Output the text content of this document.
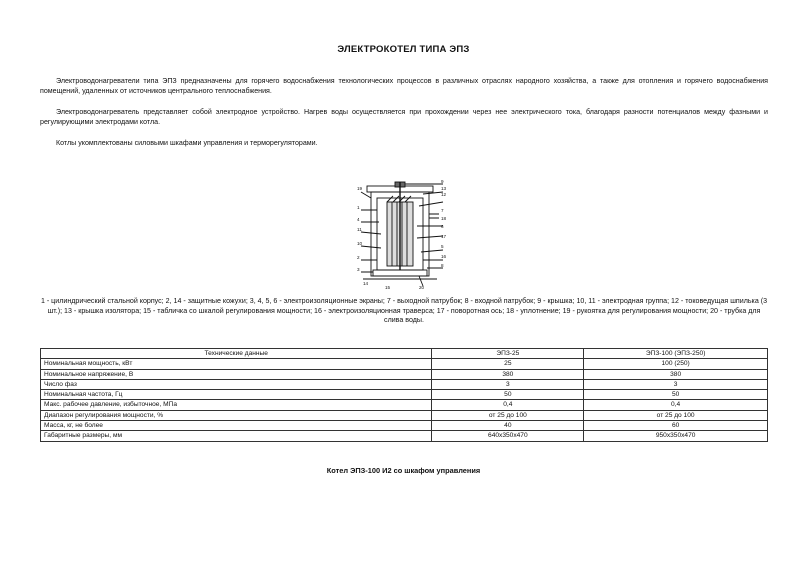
ЭЛЕКТРОКОТЕЛ ТИПА ЭПЗ

Электроводонагреватели типа ЭПЗ предназначены для горячего водоснабжения технологических процессов в различных отраслях народного хозяйства, а также для отопления и горячего водоснабжения помещений, удаленных от источников центрального теплоснабжения.

Электроводонагреватель представляет собой электродное устройство. Нагрев воды осуществляется при прохождении через нее электрического тока, благодаря разности потенциалов между фазными и регулирующими электродами котла.

Котлы укомплектованы силовыми шкафами управления и терморегуляторами.

9
13
12
19
7
18
1
4
11
10
6
17
5
2	16
3
8
20
15
14

1 - цилиндрический стальной корпус; 2, 14 - защитные кожухи; 3, 4, 5, 6 - электроизоляционные экраны; 7 - выходной патрубок; 8 - входной патрубок; 9 - крышка; 10, 11 - электродная группа; 12 - токоведущая шпилька (3 шт.); 13 - крышка изолятора; 15 - табличка со шкалой регулирования мощности; 16 - электроизоляционная траверса; 17 - поворотная ось; 18 - уплотнение; 19 - рукоятка для регулирования мощности; 20 - трубка для слива воды.

Технические данные	ЭПЗ-25	ЭПЗ-100 (ЭПЗ-250)
Номинальная мощность, кВт	25	100 (250)
Номинальное напряжение, В	380	380
Число фаз	3	3
Номинальная частота, Гц	50	50
Макс. рабочее давление, избыточное, МПа	0,4	0,4
Диапазон регулирования мощности, %	от 25 до 100	от 25 до 100
Масса, кг, не более	40	60
Габаритные размеры, мм	640x350x470	950x350x470
Котел ЭПЗ-100 И2 со шкафом управления
